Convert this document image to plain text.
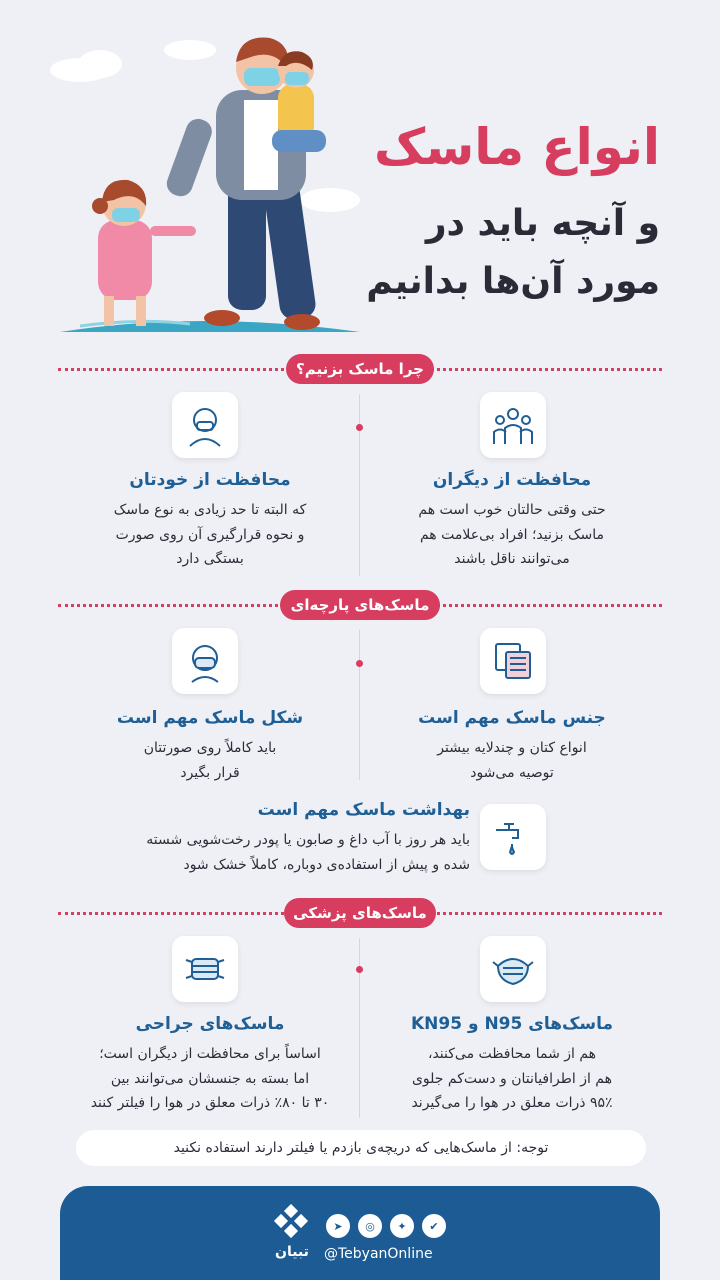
انواع ماسک
و آنچه باید در
مورد آن‌ها بدانیم
چرا ماسک بزنیم؟
محافظت از دیگران
حتی وقتی حالتان خوب است هم
ماسک بزنید؛ افراد بی‌علامت هم
می‌توانند ناقل باشند
محافظت از خودتان
که البته تا حد زیادی به نوع ماسک
و نحوه قرارگیری آن روی صورت
بستگی دارد
ماسک‌های پارچه‌ای
جنس ماسک مهم است
انواع کتان و چندلایه بیشتر
توصیه می‌شود
شکل ماسک مهم است
باید کاملاً روی صورتتان
قرار بگیرد
بهداشت ماسک مهم است
باید هر روز با آب داغ و صابون یا پودر رخت‌شویی شسته
شده و پیش از استفاده‌ی دوباره، کاملاً خشک شود
ماسک‌های پزشکی
ماسک‌های N95 و KN95
هم از شما محافظت می‌کنند،
هم از اطرافیانتان و دست‌کم جلوی
۹۵٪ ذرات معلق در هوا را می‌گیرند
ماسک‌های جراحی
اساساً برای محافظت از دیگران است؛
اما بسته به جنسشان می‌توانند بین
۳۰ تا ۸۰٪ ذرات معلق در هوا را فیلتر کنند
توجه: از ماسک‌هایی که دریچه‌ی بازدم یا فیلتر دارند استفاده نکنید
تبیان
➤	◎	✦	✔
@TebyanOnline
